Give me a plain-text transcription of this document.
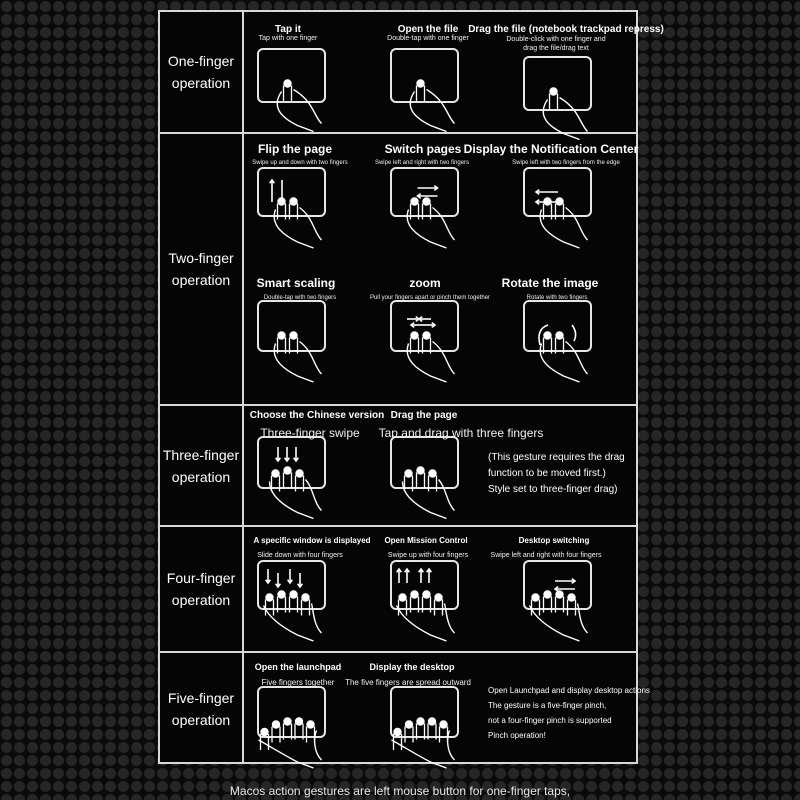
One-finger operation
Two-finger operation
Three-finger operation
Four-finger operation
Five-finger operation
Tap it
Tap with one finger
Open the file
Double-tap with one finger
Drag the file (notebook trackpad repress)
Double-click with one finger and drag the file/drag text
Flip the page
Swipe up and down with two fingers
Switch pages
Swipe left and right with two fingers
Display the Notification Center
Swipe left with two fingers from the edge
Smart scaling
Double-tap with two fingers
zoom
Pull your fingers apart or pinch them together
Rotate the image
Rotate with two fingers
Choose the Chinese version
Three-finger swipe
Drag the page
Tap and drag with three fingers
A specific window is displayed
Slide down with four fingers
Open Mission Control
Swipe up with four fingers
Desktop switching
Swipe left and right with four fingers
Open the launchpad
Five fingers together
Display the desktop
The five fingers are spread outward
(This gesture requires the drag
function to be moved first.)
Style set to three-finger drag)
Open Launchpad and display desktop actions
The gesture is a five-finger pinch,
not a four-finger pinch is supported
Pinch operation!
Macos action gestures are left mouse button for one-finger taps,
